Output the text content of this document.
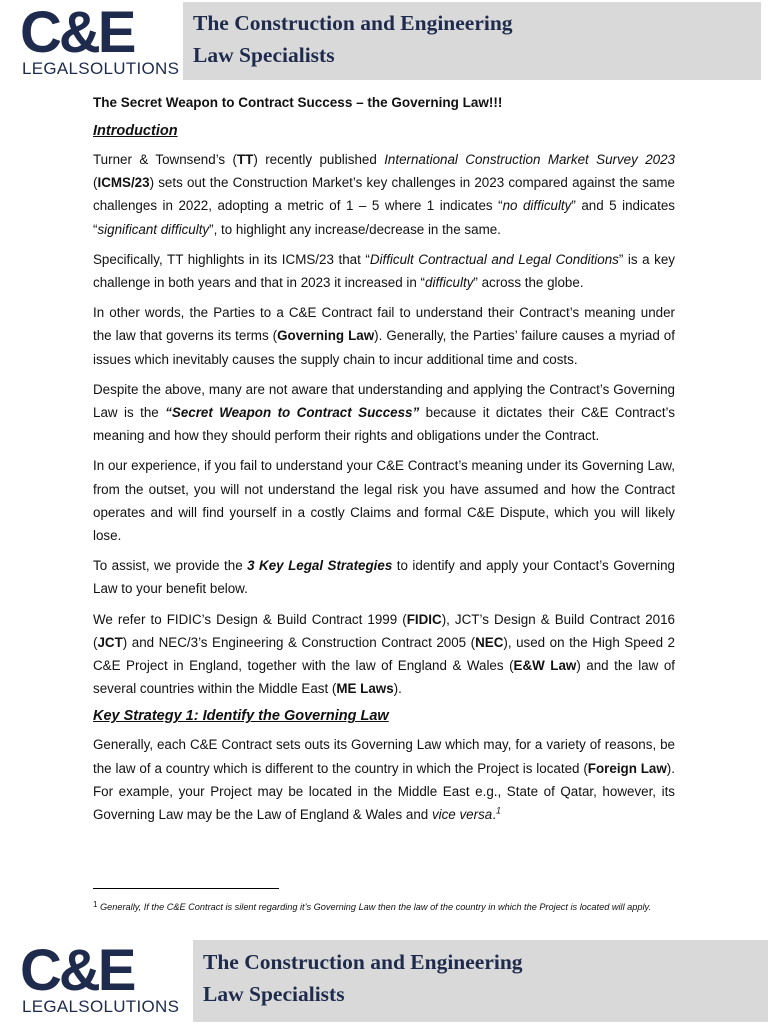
C&E
LEGALSOLUTIONS
The Construction and Engineering
Law Specialists
The Secret Weapon to Contract Success – the Governing Law!!!
Introduction

Turner & Townsend’s (TT) recently published International Construction Market Survey 2023 (ICMS/23) sets out the Construction Market’s key challenges in 2023 compared against the same challenges in 2022, adopting a metric of 1 – 5 where 1 indicates “no difficulty” and 5 indicates “significant difficulty”, to highlight any increase/decrease in the same.

Specifically, TT highlights in its ICMS/23 that “Difficult Contractual and Legal Conditions” is a key challenge in both years and that in 2023 it increased in “difficulty” across the globe.

In other words, the Parties to a C&E Contract fail to understand their Contract’s meaning under the law that governs its terms (Governing Law). Generally, the Parties’ failure causes a myriad of issues which inevitably causes the supply chain to incur additional time and costs.

Despite the above, many are not aware that understanding and applying the Contract’s Governing Law is the “Secret Weapon to Contract Success” because it dictates their C&E Contract’s meaning and how they should perform their rights and obligations under the Contract.

In our experience, if you fail to understand your C&E Contract’s meaning under its Governing Law, from the outset, you will not understand the legal risk you have assumed and how the Contract operates and will find yourself in a costly Claims and formal C&E Dispute, which you will likely lose.

To assist, we provide the 3 Key Legal Strategies to identify and apply your Contact’s Governing Law to your benefit below.

We refer to FIDIC’s Design & Build Contract 1999 (FIDIC), JCT’s Design & Build Contract 2016 (JCT) and NEC/3’s Engineering & Construction Contract 2005 (NEC), used on the High Speed 2 C&E Project in England, together with the law of England & Wales (E&W Law) and the law of several countries within the Middle East (ME Laws).

Key Strategy 1: Identify the Governing Law

Generally, each C&E Contract sets outs its Governing Law which may, for a variety of reasons, be the law of a country which is different to the country in which the Project is located (Foreign Law). For example, your Project may be located in the Middle East e.g., State of Qatar, however, its Governing Law may be the Law of England & Wales and vice versa.$^1$

1 Generally, If the C&E Contract is silent regarding it’s Governing Law then the law of the country in which the Project is located will apply.
C&E
LEGALSOLUTIONS
The Construction and Engineering
Law Specialists
